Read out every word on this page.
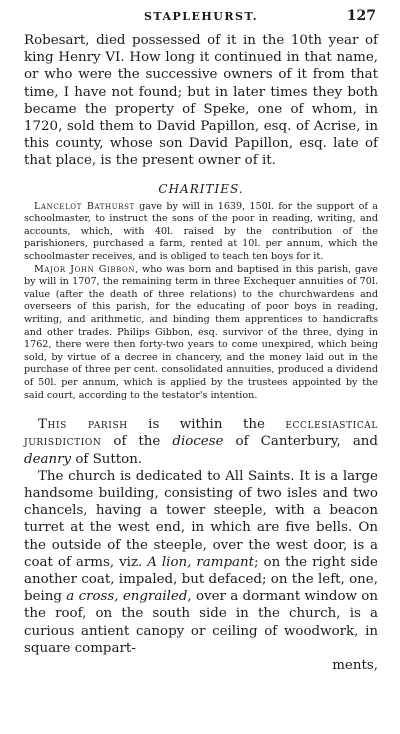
STAPLEHURST.	127

Robesart, died possessed of it in the 10th year of king Henry VI. How long it continued in that name, or who were the successive owners of it from that time, I have not found; but in later times they both became the property of Speke, one of whom, in 1720, sold them to David Papillon, esq. of Acrise, in this county, whose son David Papillon, esq. late of that place, is the present owner of it.

CHARITIES.

Lancelot Bathurst gave by will in 1639, 150l. for the support of a schoolmaster, to instruct the sons of the poor in reading, writing, and accounts, which, with 40l. raised by the contribution of the parishioners, purchased a farm, rented at 10l. per annum, which the schoolmaster receives, and is obliged to teach ten boys for it.

Major John Gibbon, who was born and baptised in this parish, gave by will in 1707, the remaining term in three Exchequer annuities of 70l. value (after the death of three relations) to the churchwardens and overseers of this parish, for the educating of poor boys in reading, writing, and arithmetic, and binding them apprentices to handicrafts and other trades. Philips Gibbon, esq. survivor of the three, dying in 1762, there were then forty-two years to come unexpired, which being sold, by virtue of a decree in chancery, and the money laid out in the purchase of three per cent. consolidated annuities, produced a dividend of 50l. per annum, which is applied by the trustees appointed by the said court, according to the testator's intention.

This parish is within the ecclesiastical jurisdiction of the diocese of Canterbury, and deanry of Sutton.

The church is dedicated to All Saints. It is a large handsome building, consisting of two isles and two chancels, having a tower steeple, with a beacon turret at the west end, in which are five bells. On the outside of the steeple, over the west door, is a coat of arms, viz. A lion, rampant; on the right side another coat, impaled, but defaced; on the left, one, being a cross, engrailed, over a dormant window on the roof, on the south side in the church, is a curious antient canopy or ceiling of woodwork, in square compart-

ments,
